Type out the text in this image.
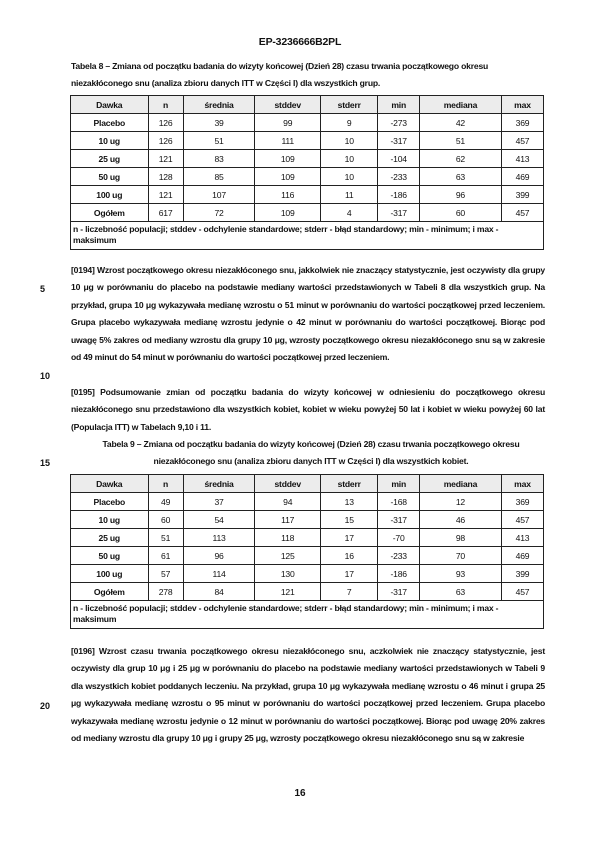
EP-3236666B2PL
Tabela 8 – Zmiana od początku badania do wizyty końcowej (Dzień 28) czasu trwania początkowego okresu niezakłóconego snu (analiza zbioru danych ITT w Części I) dla wszystkich grup.
Dawka	n	średnia	stddev	stderr	min	mediana	max
Placebo	126	39	99	9	-273	42	369
10 ug	126	51	111	10	-317	51	457
25 ug	121	83	109	10	-104	62	413
50 ug	128	85	109	10	-233	63	469
100 ug	121	107	116	11	-186	96	399
Ogółem	617	72	109	4	-317	60	457
n - liczebność populacji; stddev - odchylenie standardowe; stderr - błąd standardowy; min - minimum; i max - maksimum							
[0194] Wzrost początkowego okresu niezakłóconego snu, jakkolwiek nie znaczący statystycznie, jest oczywisty dla grupy 10 μg w porównaniu do placebo na podstawie mediany wartości przedstawionych w Tabeli 8 dla wszystkich grup. Na przykład, grupa 10 μg wykazywała medianę wzrostu o 51 minut w porównaniu do wartości początkowej przed leczeniem. Grupa placebo wykazywała medianę wzrostu jedynie o 42 minut w porównaniu do wartości początkowej. Biorąc pod uwagę 5% zakres od mediany wzrostu dla grupy 10 μg, wzrosty początkowego okresu niezakłóconego snu są w zakresie od 49 minut do 54 minut w porównaniu do wartości początkowej przed leczeniem.
[0195] Podsumowanie zmian od początku badania do wizyty końcowej w odniesieniu do początkowego okresu niezakłóconego snu przedstawiono dla wszystkich kobiet, kobiet w wieku powyżej 50 lat i kobiet w wieku powyżej 60 lat (Populacja ITT) w Tabelach 9,10 i 11.
Tabela 9 – Zmiana od początku badania do wizyty końcowej (Dzień 28) czasu trwania początkowego okresu niezakłóconego snu (analiza zbioru danych ITT w Części I) dla wszystkich kobiet.
Dawka	n	średnia	stddev	stderr	min	mediana	max
Placebo	49	37	94	13	-168	12	369
10 ug	60	54	117	15	-317	46	457
25 ug	51	113	118	17	-70	98	413
50 ug	61	96	125	16	-233	70	469
100 ug	57	114	130	17	-186	93	399
Ogółem	278	84	121	7	-317	63	457
n - liczebność populacji; stddev - odchylenie standardowe; stderr - błąd standardowy; min - minimum; i max - maksimum							
[0196] Wzrost czasu trwania początkowego okresu niezakłóconego snu, aczkolwiek nie znaczący statystycznie, jest oczywisty dla grup 10 μg i 25 μg w porównaniu do placebo na podstawie mediany wartości przedstawionych w Tabeli 9 dla wszystkich kobiet poddanych leczeniu. Na przykład, grupa 10 μg wykazywała medianę wzrostu o 46 minut i grupa 25 μg wykazywała medianę wzrostu o 95 minut w porównaniu do wartości początkowej przed leczeniem. Grupa placebo wykazywała medianę wzrostu jedynie o 12 minut w porównaniu do wartości początkowej. Biorąc pod uwagę 20% zakres od mediany wzrostu dla grupy 10 μg i grupy 25 μg, wzrosty początkowego okresu niezakłóconego snu są w zakresie
5
10
15
20
16
